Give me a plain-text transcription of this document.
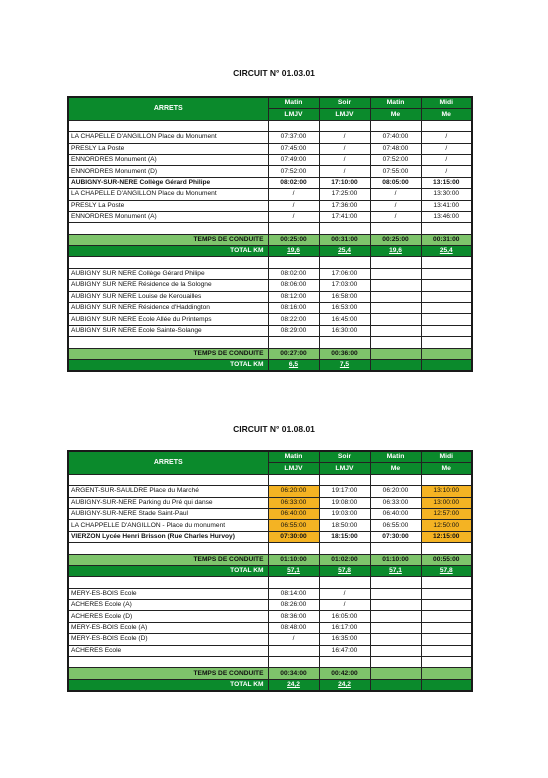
CIRCUIT N° 01.03.01
ARRETS	Matin	Soir	Matin	Midi
	LMJV	LMJV	Me	Me

LA CHAPELLE D'ANGILLON Place du Monument	07:37:00	/	07:40:00	/
PRESLY La Poste	07:45:00	/	07:48:00	/
ENNORDRES Monument (A)	07:49:00	/	07:52:00	/
ENNORDRES Monument (D)	07:52:00	/	07:55:00	/
AUBIGNY-SUR-NERE Collège Gérard Philipe	08:02:00	17:10:00	08:05:00	13:15:00
LA CHAPELLE D'ANGILLON Place du Monument	/	17:25:00	/	13:30:00
PRESLY La Poste	/	17:36:00	/	13:41:00
ENNORDRES Monument (A)	/	17:41:00	/	13:46:00

TEMPS DE CONDUITE	00:25:00	00:31:00	00:25:00	00:31:00
TOTAL KM	19,6	25,4	19,6	25,4

AUBIGNY SUR NERE Collège Gérard Philipe	08:02:00	17:06:00		
AUBIGNY SUR NERE Résidence de la Sologne	08:06:00	17:03:00		
AUBIGNY SUR NERE Louise de Kerouailles	08:12:00	16:58:00		
AUBIGNY SUR NERE Résidence d'Haddington	08:16:00	16:53:00		
AUBIGNY SUR NERE Ecole Allée du Printemps	08:22:00	16:45:00		
AUBIGNY SUR NERE Ecole Sainte-Solange	08:29:00	16:30:00		

TEMPS DE CONDUITE	00:27:00	00:36:00		
TOTAL KM	6,5	7,5		
CIRCUIT N° 01.08.01
ARRETS	Matin	Soir	Matin	Midi
	LMJV	LMJV	Me	Me

ARGENT-SUR-SAULDRE Place du Marché	06:20:00	19:17:00	06:20:00	13:10:00
AUBIGNY-SUR-NERE Parking du Pré qui danse	06:33:00	19:08:00	06:33:00	13:00:00
AUBIGNY-SUR-NERE Stade Saint-Paul	06:40:00	19:03:00	06:40:00	12:57:00
LA CHAPPELLE D'ANGILLON - Place du monument	06:55:00	18:50:00	06:55:00	12:50:00
VIERZON Lycée Henri Brisson (Rue Charles Hurvoy)	07:30:00	18:15:00	07:30:00	12:15:00

TEMPS DE CONDUITE	01:10:00	01:02:00	01:10:00	00:55:00
TOTAL KM	57,1	57,8	57,1	57,8

MERY-ES-BOIS Ecole	08:14:00	/		
ACHERES Ecole (A)	08:26:00	/		
ACHERES Ecole (D)	08:36:00	16:05:00		
MERY-ES-BOIS Ecole (A)	08:48:00	16:17:00		
MERY-ES-BOIS Ecole (D)	/	16:35:00		
ACHERES Ecole		16:47:00		

TEMPS DE CONDUITE	00:34:00	00:42:00		
TOTAL KM	24,2	24,2		
